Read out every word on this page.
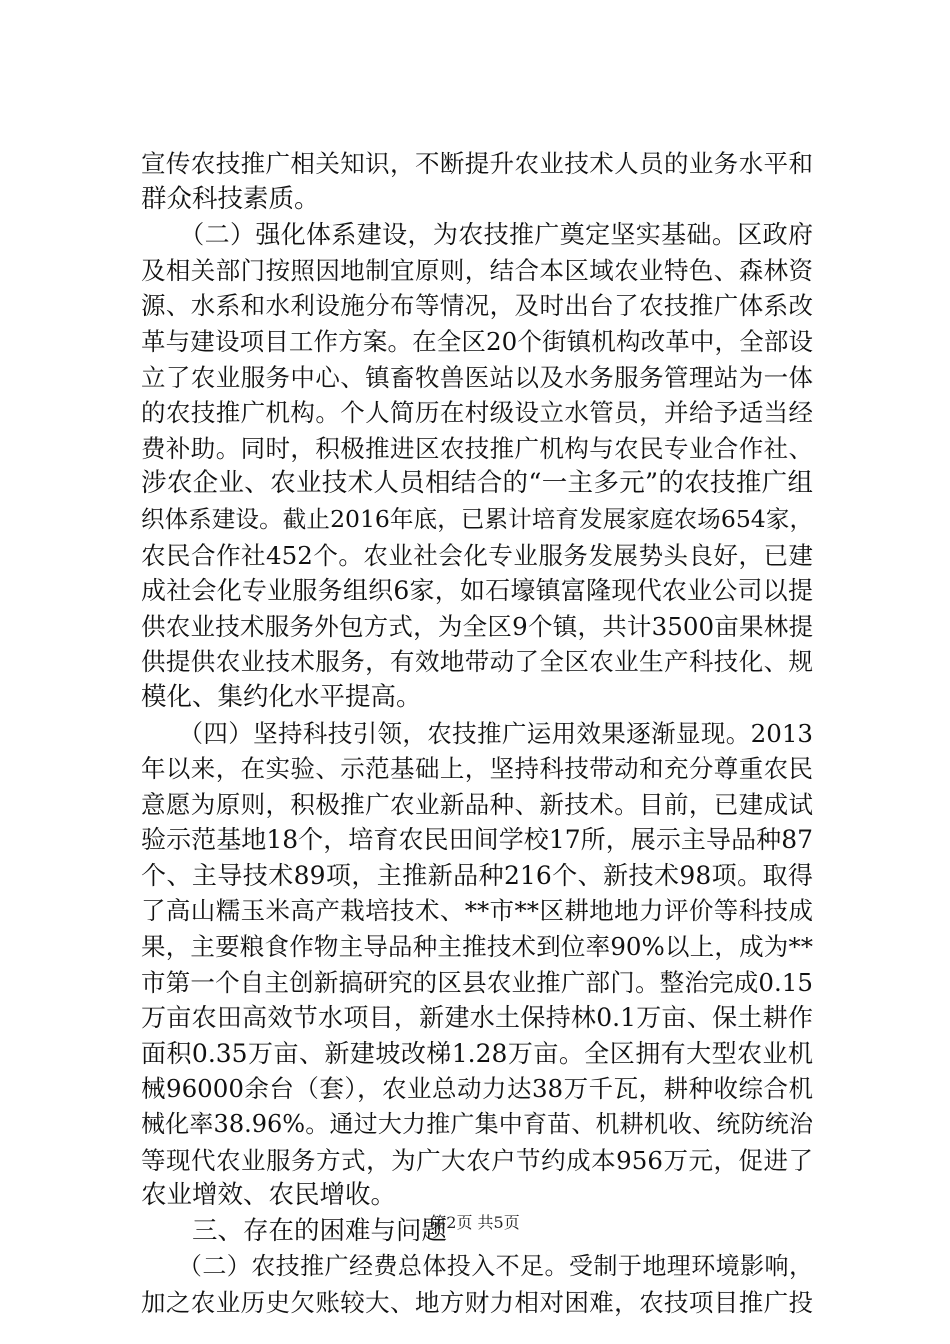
宣传农技推广相关知识，不断提升农业技术人员的业务水平和
群众科技素质。
　　（二）强化体系建设，为农技推广奠定坚实基础。区政府
及相关部门按照因地制宜原则，结合本区域农业特色、森林资
源、水系和水利设施分布等情况，及时出台了农技推广体系改
革与建设项目工作方案。在全区20个街镇机构改革中，全部设
立了农业服务中心、镇畜牧兽医站以及水务服务管理站为一体
的农技推广机构。个人简历在村级设立水管员，并给予适当经
费补助。同时，积极推进区农技推广机构与农民专业合作社、
涉农企业、农业技术人员相结合的“一主多元”的农技推广组
织体系建设。截止2016年底，已累计培育发展家庭农场654家，
农民合作社452个。农业社会化专业服务发展势头良好，已建
成社会化专业服务组织6家，如石壕镇富隆现代农业公司以提
供农业技术服务外包方式，为全区9个镇，共计3500亩果林提
供提供农业技术服务，有效地带动了全区农业生产科技化、规
模化、集约化水平提高。
　　（四）坚持科技引领，农技推广运用效果逐渐显现。2013
年以来，在实验、示范基础上，坚持科技带动和充分尊重农民
意愿为原则，积极推广农业新品种、新技术。目前，已建成试
验示范基地18个，培育农民田间学校17所，展示主导品种87
个、主导技术89项，主推新品种216个、新技术98项。取得
了高山糯玉米高产栽培技术、**市**区耕地地力评价等科技成
果，主要粮食作物主导品种主推技术到位率90%以上，成为**
市第一个自主创新搞研究的区县农业推广部门。整治完成0.15
万亩农田高效节水项目，新建水土保持林0.1万亩、保土耕作
面积0.35万亩、新建坡改梯1.28万亩。全区拥有大型农业机
械96000余台（套），农业总动力达38万千瓦，耕种收综合机
械化率38.96%。通过大力推广集中育苗、机耕机收、统防统治
等现代农业服务方式，为广大农户节约成本956万元，促进了
农业增效、农民增收。
　　三、存在的困难与问题
　　（二）农技推广经费总体投入不足。受制于地理环境影响，
加之农业历史欠账较大、地方财力相对困难，农技项目推广投
第2页 共5页
